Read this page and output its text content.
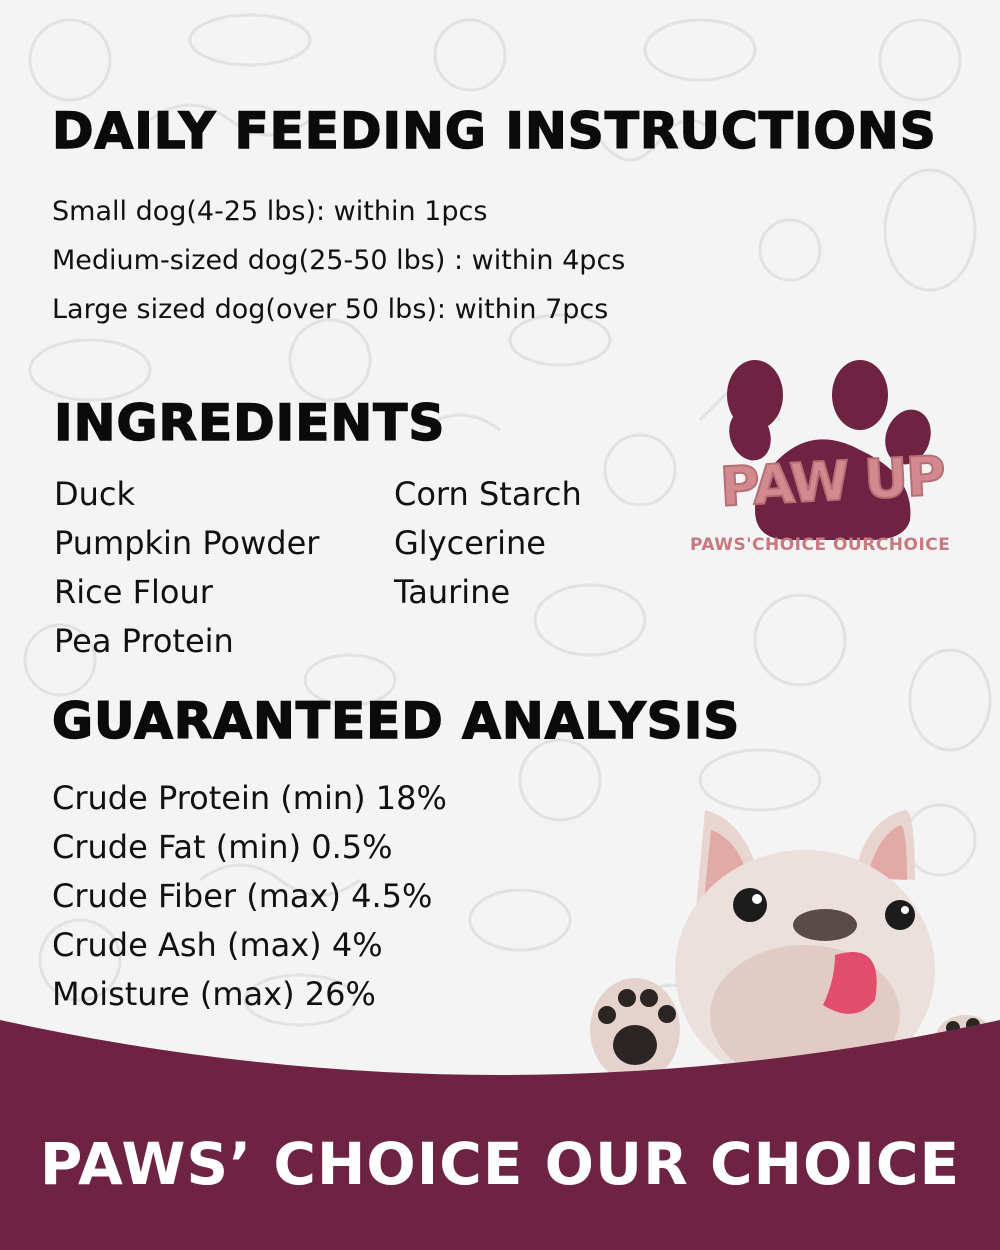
DAILY FEEDING INSTRUCTIONS
Small dog(4-25 lbs): within 1pcs
Medium-sized dog(25-50 lbs) : within 4pcs
Large sized dog(over 50 lbs): within 7pcs
INGREDIENTS
Duck
Pumpkin Powder
Rice Flour
Pea Protein
Corn Starch
Glycerine
Taurine
GUARANTEED ANALYSIS
Crude Protein (min) 18%
Crude Fat (min) 0.5%
Crude Fiber (max) 4.5%
Crude Ash (max) 4%
Moisture (max) 26%
PAW UP
PAWS'CHOICE OURCHOICE

PAWS’ CHOICE OUR CHOICE
